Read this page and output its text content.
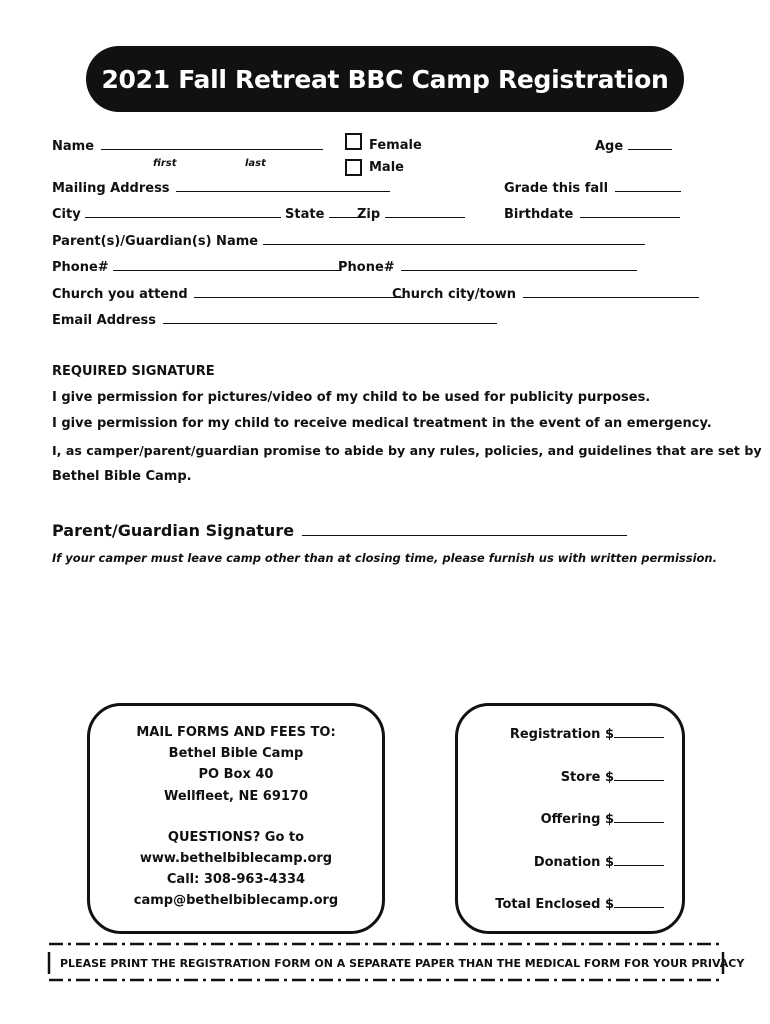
2021 Fall Retreat BBC Camp Registration
Name
first	last
Female
Male
Age
Mailing Address	Grade this fall
City	State	Zip	Birthdate
Parent(s)/Guardian(s) Name
Phone#	Phone#
Church you attend	Church city/town
Email Address
REQUIRED SIGNATURE
I give permission for pictures/video of my child to be used for publicity purposes.
I give permission for my child to receive medical treatment in the event of an emergency.
I, as camper/parent/guardian promise to abide by any rules, policies, and guidelines that are set by
Bethel Bible Camp.
Parent/Guardian Signature
If your camper must leave camp other than at closing time, please furnish us with written permission.
MAIL FORMS AND FEES TO:
Bethel Bible Camp
PO Box 40
Wellfleet, NE 69170
QUESTIONS? Go to
www.bethelbiblecamp.org
Call: 308-963-4334
camp@bethelbiblecamp.org
Registration $
Store $
Offering $
Donation $
Total Enclosed $
PLEASE PRINT THE REGISTRATION FORM ON A SEPARATE PAPER THAN THE MEDICAL FORM FOR YOUR PRIVACY
